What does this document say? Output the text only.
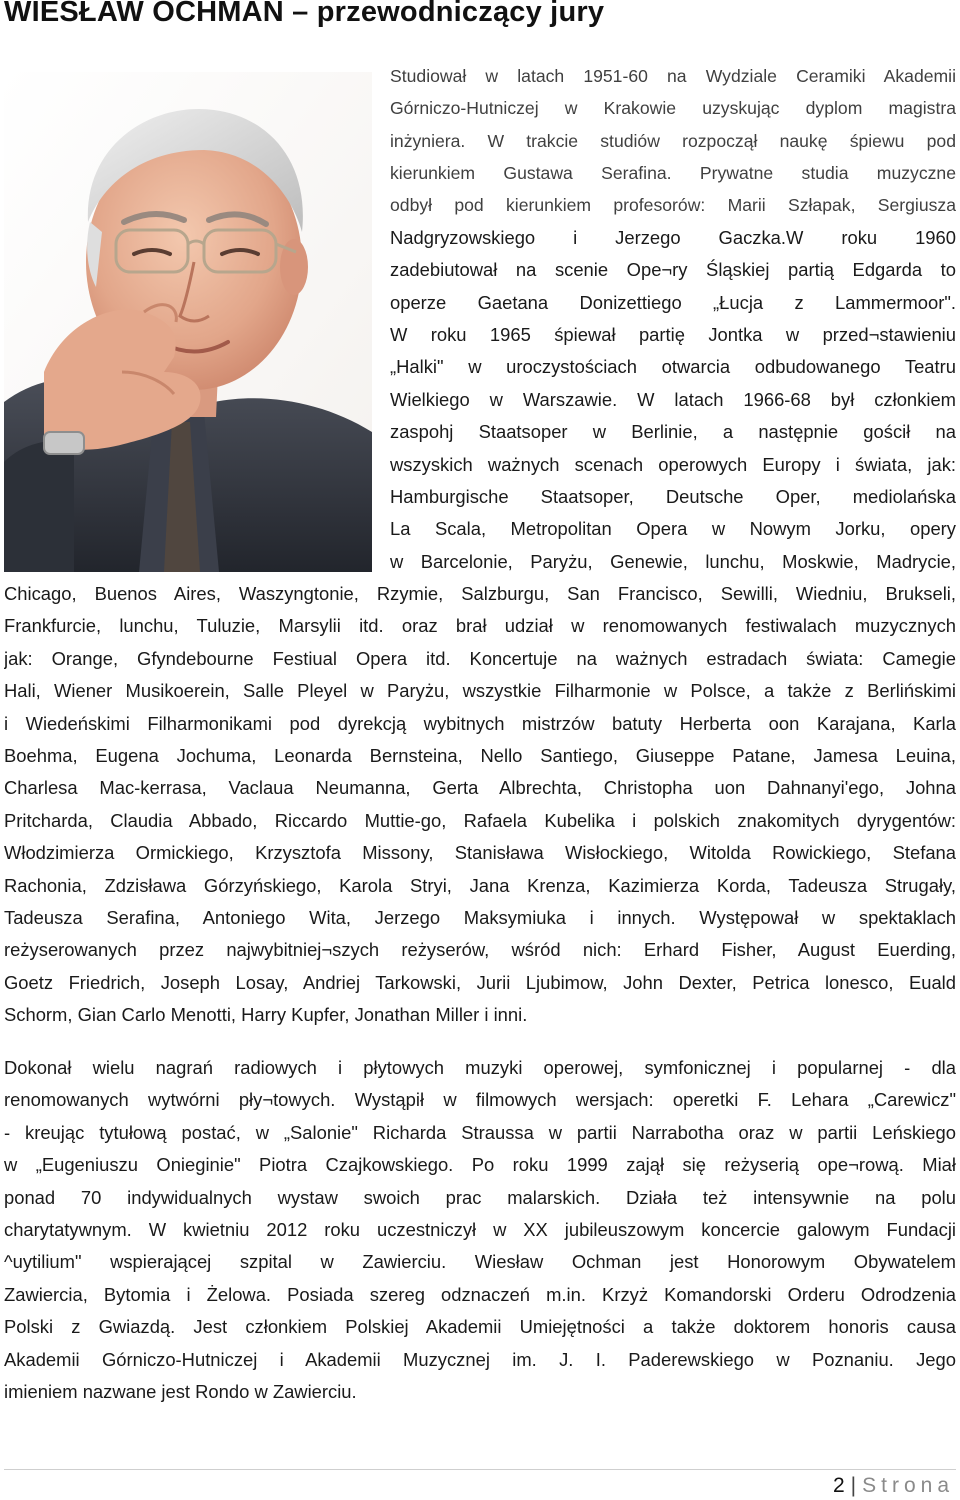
WIESŁAW OCHMAN – przewodniczący jury
Studiował w latach 1951-60 na Wydziale Ceramiki Akademii
Górniczo-Hutniczej w Krakowie uzyskując dyplom magistra
inżyniera. W trakcie studiów rozpoczął naukę śpiewu pod
kierunkiem Gustawa Serafina. Prywatne studia muzyczne
odbył pod kierunkiem profesorów: Marii Szłapak, Sergiusza
Nadgryzowskiego i Jerzego Gaczka.W roku 1960
zadebiutował na scenie Ope¬ry Śląskiej partią Edgarda to
operze Gaetana Donizettiego „Łucja z Lammermoor".
W roku 1965 śpiewał partię Jontka w przed¬stawieniu
„Halki" w uroczystościach otwarcia odbudowanego Teatru
Wielkiego w Warszawie. W latach 1966-68 był członkiem
zaspohj Staatsoper w Berlinie, a następnie gościł na
wszyskich ważnych scenach operowych Europy i świata, jak:
Hamburgische Staatsoper, Deutsche Oper, mediolańska
La Scala, Metropolitan Opera w Nowym Jorku, opery
w Barcelonie, Paryżu, Genewie, lunchu, Moskwie, Madrycie,
Chicago, Buenos Aires, Waszyngtonie, Rzymie, Salzburgu, San Francisco, Sewilli, Wiedniu, Brukseli,
Frankfurcie, lunchu, Tuluzie, Marsylii itd. oraz brał udział w renomowanych festiwalach muzycznych
jak: Orange, Gfyndebourne Festiual Opera itd. Koncertuje na ważnych estradach świata: Camegie
Hali, Wiener Musikoerein, Salle Pleyel w Paryżu, wszystkie Filharmonie w Polsce, a także z Berlińskimi
i Wiedeńskimi Filharmonikami pod dyrekcją wybitnych mistrzów batuty Herberta oon Karajana, Karla
Boehma, Eugena Jochuma, Leonarda Bernsteina, Nello Santiego, Giuseppe Patane, Jamesa Leuina,
Charlesa Mac-kerrasa, Vaclaua Neumanna, Gerta Albrechta, Christopha uon Dahnanyi'ego, Johna
Pritcharda, Claudia Abbado, Riccardo Muttie-go, Rafaela Kubelika i polskich znakomitych dyrygentów:
Włodzimierza Ormickiego, Krzysztofa Missony, Stanisława Wisłockiego, Witolda Rowickiego, Stefana
Rachonia, Zdzisława Górzyńskiego, Karola Stryi, Jana Krenza, Kazimierza Korda, Tadeusza Strugały,
Tadeusza Serafina, Antoniego Wita, Jerzego Maksymiuka i innych. Występował w spektaklach
reżyserowanych przez najwybitniej¬szych reżyserów, wśród nich: Erhard Fisher, August Euerding,
Goetz Friedrich, Joseph Losay, Andriej Tarkowski, Jurii Ljubimow, John Dexter, Petrica lonesco, Euald
Schorm, Gian Carlo Menotti, Harry Kupfer, Jonathan Miller i inni.
Dokonał wielu nagrań radiowych i płytowych muzyki operowej, symfonicznej i popularnej - dla
renomowanych wytwórni pły¬towych. Wystąpił w filmowych wersjach: operetki F. Lehara „Carewicz"
- kreując tytułową postać, w „Salonie" Richarda Straussa w partii Narrabotha oraz w partii Leńskiego
w „Eugeniuszu Onieginie" Piotra Czajkowskiego. Po roku 1999 zajął się reżyserią ope¬rową. Miał
ponad 70 indywidualnych wystaw swoich prac malarskich. Działa też intensywnie na polu
charytatywnym. W kwietniu 2012 roku uczestniczył w XX jubileuszowym koncercie galowym Fundacji
^uytilium" wspierającej szpital w Zawierciu. Wiesław Ochman jest Honorowym Obywatelem
Zawiercia, Bytomia i Żelowa. Posiada szereg odznaczeń m.in. Krzyż Komandorski Orderu Odrodzenia
Polski z Gwiazdą. Jest członkiem Polskiej Akademii Umiejętności a także doktorem honoris causa
Akademii Górniczo-Hutniczej i Akademii Muzycznej im. J. I. Paderewskiego w Poznaniu. Jego
imieniem nazwane jest Rondo w Zawierciu.
2 | Strona
